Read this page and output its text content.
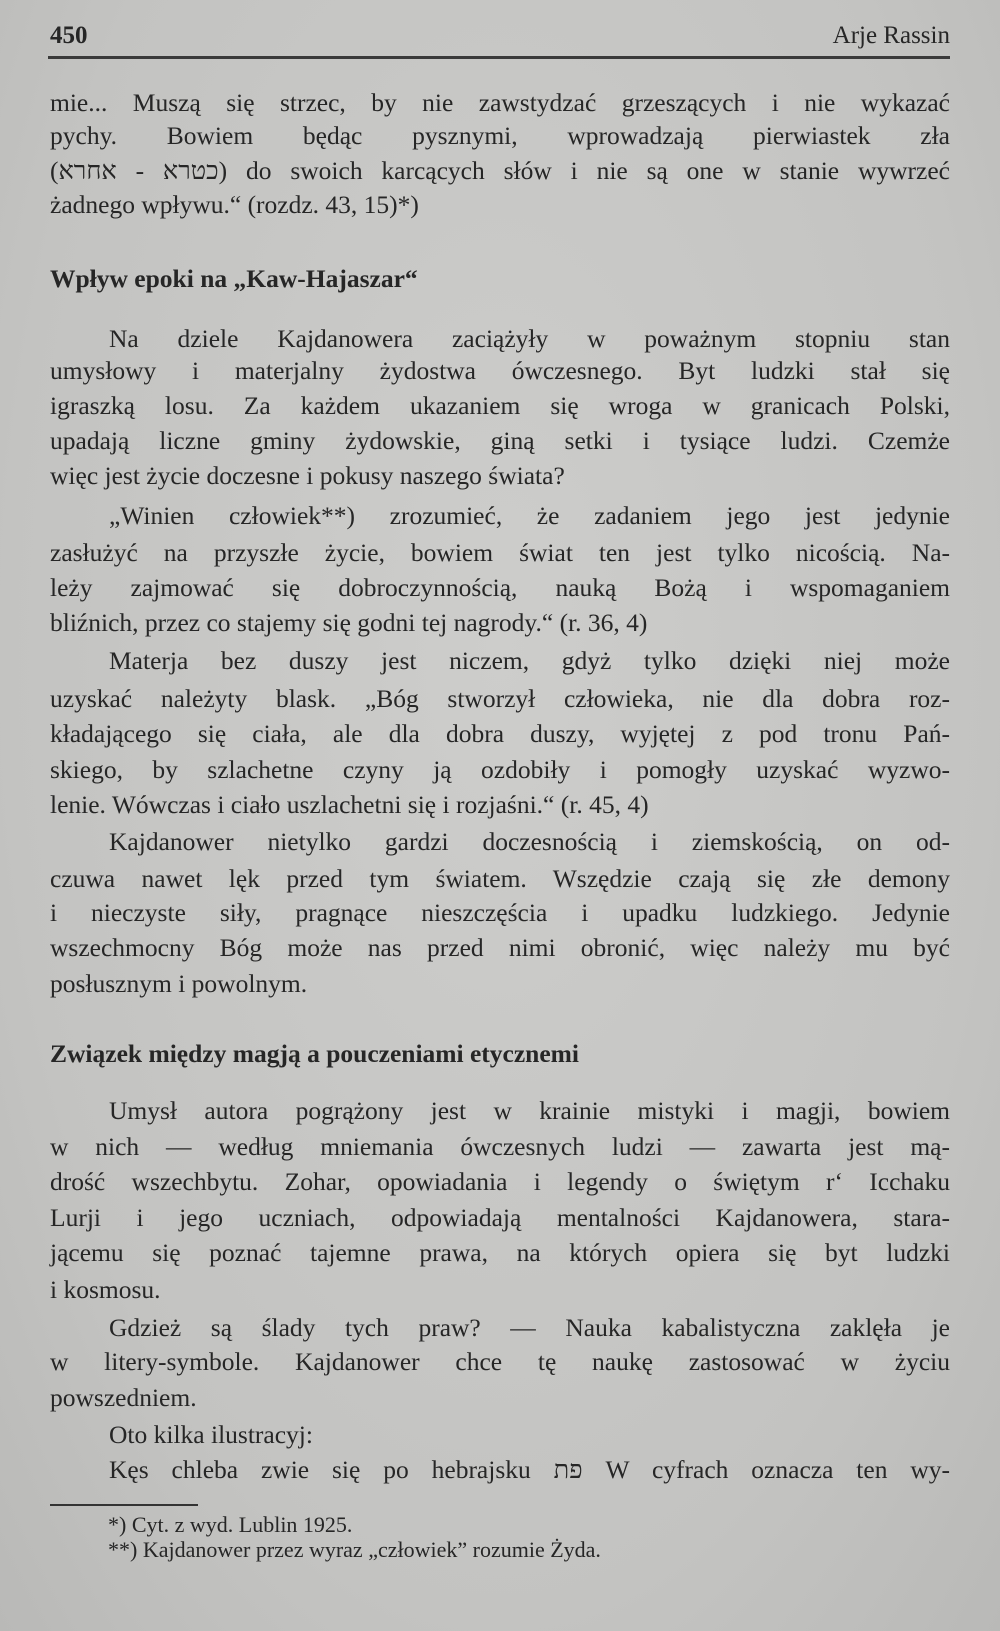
450	Arje Rassin
mie... Muszą się strzec, by nie zawstydzać grzeszących i nie wykazać
pychy. Bowiem będąc pysznymi, wprowadzają pierwiastek zła
(כטרא - אחרא) do swoich karcących słów i nie są one w stanie wywrzeć
żadnego wpływu.“ (rozdz. 43, 15)*)
Wpływ epoki na „Kaw-Hajaszar“
Na dziele Kajdanowera zaciążyły w poważnym stopniu stan
umysłowy i materjalny żydostwa ówczesnego. Byt ludzki stał się
igraszką losu. Za każdem ukazaniem się wroga w granicach Polski,
upadają liczne gminy żydowskie, giną setki i tysiące ludzi. Czemże
więc jest życie doczesne i pokusy naszego świata?
„Winien człowiek**) zrozumieć, że zadaniem jego jest jedynie
zasłużyć na przyszłe życie, bowiem świat ten jest tylko nicością. Na-
leży zajmować się dobroczynnością, nauką Bożą i wspomaganiem
bliźnich, przez co stajemy się godni tej nagrody.“ (r. 36, 4)
Materja bez duszy jest niczem, gdyż tylko dzięki niej może
uzyskać należyty blask. „Bóg stworzył człowieka, nie dla dobra roz-
kładającego się ciała, ale dla dobra duszy, wyjętej z pod tronu Pań-
skiego, by szlachetne czyny ją ozdobiły i pomogły uzyskać wyzwo-
lenie. Wówczas i ciało uszlachetni się i rozjaśni.“ (r. 45, 4)
Kajdanower nietylko gardzi doczesnością i ziemskością, on od-
czuwa nawet lęk przed tym światem. Wszędzie czają się złe demony
i nieczyste siły, pragnące nieszczęścia i upadku ludzkiego. Jedynie
wszechmocny Bóg może nas przed nimi obronić, więc należy mu być
posłusznym i powolnym.
Związek między magją a pouczeniami etycznemi
Umysł autora pogrążony jest w krainie mistyki i magji, bowiem
w nich — według mniemania ówczesnych ludzi — zawarta jest mą-
drość wszechbytu. Zohar, opowiadania i legendy o świętym r‘ Icchaku
Lurji i jego uczniach, odpowiadają mentalności Kajdanowera, stara-
jącemu się poznać tajemne prawa, na których opiera się byt ludzki
i kosmosu.
Gdzież są ślady tych praw? — Nauka kabalistyczna zaklęła je
w litery-symbole. Kajdanower chce tę naukę zastosować w życiu
powszedniem.
Oto kilka ilustracyj:
Kęs chleba zwie się po hebrajsku פת W cyfrach oznacza ten wy-
*) Cyt. z wyd. Lublin 1925.
**) Kajdanower przez wyraz „człowiek” rozumie Żyda.
